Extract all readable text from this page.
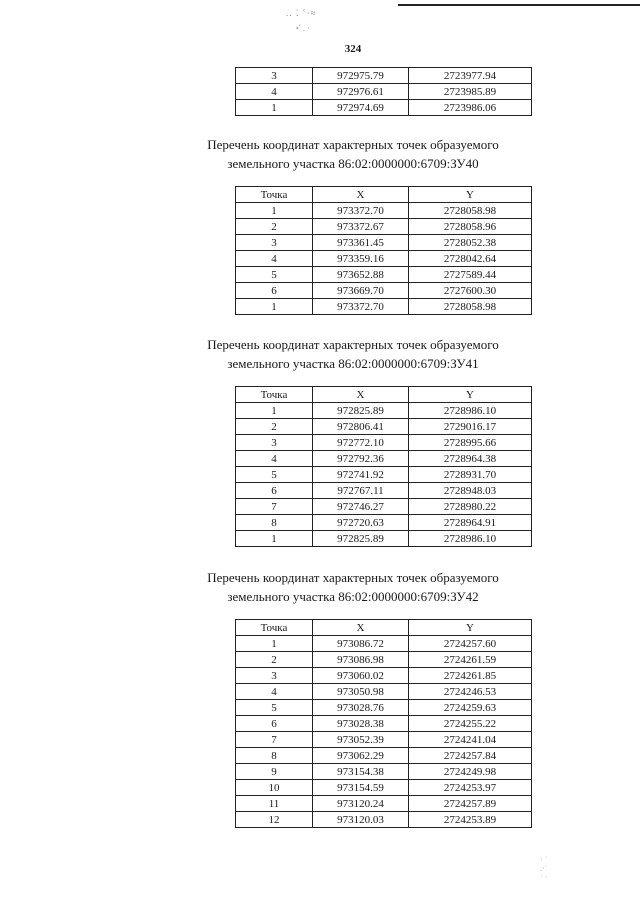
.. ⁚ ՙ·≈
•՛ ․ ·
· ˙
.·˙
˙ ·
324
3	972975.79	2723977.94
4	972976.61	2723985.89
1	972974.69	2723986.06
Перечень координат характерных точек образуемого
земельного участка 86:02:0000000:6709:ЗУ40
Точка	X	Y
1	973372.70	2728058.98
2	973372.67	2728058.96
3	973361.45	2728052.38
4	973359.16	2728042.64
5	973652.88	2727589.44
6	973669.70	2727600.30
1	973372.70	2728058.98
Перечень координат характерных точек образуемого
земельного участка 86:02:0000000:6709:ЗУ41
Точка	X	Y
1	972825.89	2728986.10
2	972806.41	2729016.17
3	972772.10	2728995.66
4	972792.36	2728964.38
5	972741.92	2728931.70
6	972767.11	2728948.03
7	972746.27	2728980.22
8	972720.63	2728964.91
1	972825.89	2728986.10
Перечень координат характерных точек образуемого
земельного участка 86:02:0000000:6709:ЗУ42
Точка	X	Y
1	973086.72	2724257.60
2	973086.98	2724261.59
3	973060.02	2724261.85
4	973050.98	2724246.53
5	973028.76	2724259.63
6	973028.38	2724255.22
7	973052.39	2724241.04
8	973062.29	2724257.84
9	973154.38	2724249.98
10	973154.59	2724253.97
11	973120.24	2724257.89
12	973120.03	2724253.89
